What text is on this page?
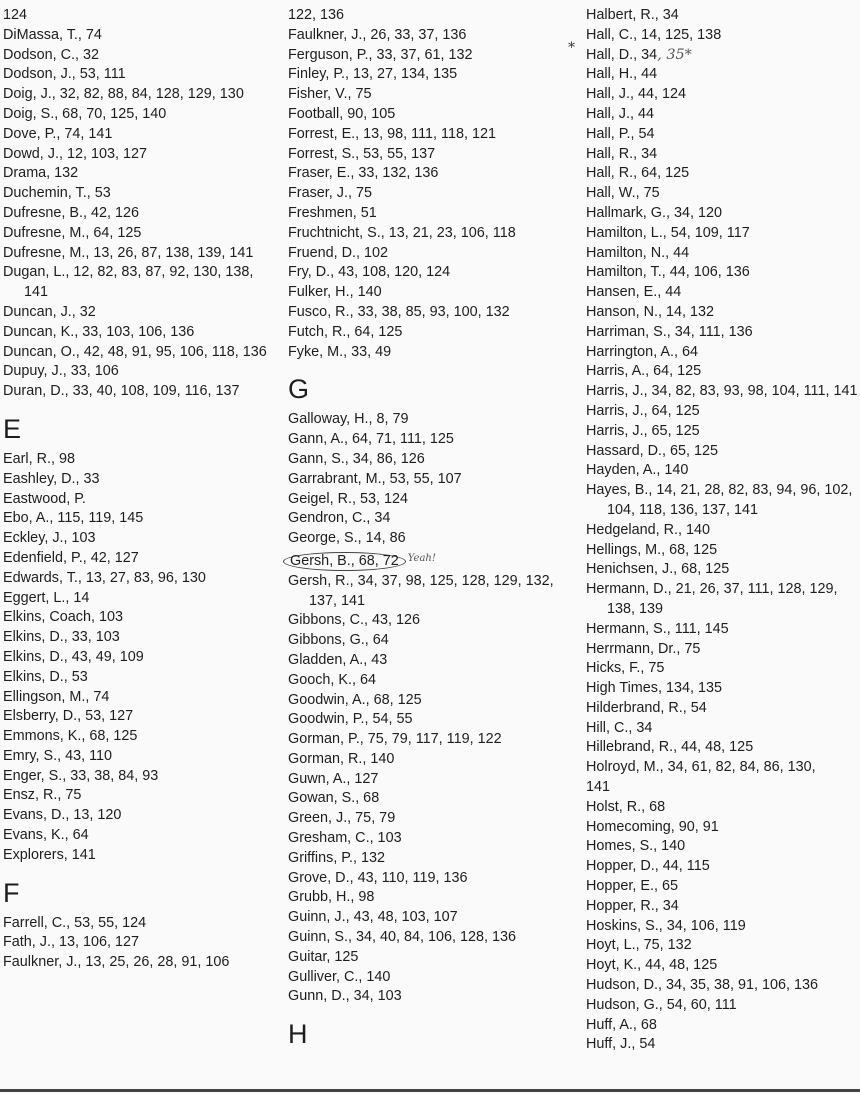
124
DiMassa, T., 74
Dodson, C., 32
Dodson, J., 53, 111
Doig, J., 32, 82, 88, 84, 128, 129, 130
Doig, S., 68, 70, 125, 140
Dove, P., 74, 141
Dowd, J., 12, 103, 127
Drama, 132
Duchemin, T., 53
Dufresne, B., 42, 126
Dufresne, M., 64, 125
Dufresne, M., 13, 26, 87, 138, 139, 141
Dugan, L., 12, 82, 83, 87, 92, 130, 138, 141
Duncan, J., 32
Duncan, K., 33, 103, 106, 136
Duncan, O., 42, 48, 91, 95, 106, 118, 136
Dupuy, J., 33, 106
Duran, D., 33, 40, 108, 109, 116, 137
E
Earl, R., 98
Eashley, D., 33
Eastwood, P.
Ebo, A., 115, 119, 145
Eckley, J., 103
Edenfield, P., 42, 127
Edwards, T., 13, 27, 83, 96, 130
Eggert, L., 14
Elkins, Coach, 103
Elkins, D., 33, 103
Elkins, D., 43, 49, 109
Elkins, D., 53
Ellingson, M., 74
Elsberry, D., 53, 127
Emmons, K., 68, 125
Emry, S., 43, 110
Enger, S., 33, 38, 84, 93
Ensz, R., 75
Evans, D., 13, 120
Evans, K., 64
Explorers, 141
F
Farrell, C., 53, 55, 124
Fath, J., 13, 106, 127
Faulkner, J., 13, 25, 26, 28, 91, 106
122, 136
Faulkner, J., 26, 33, 37, 136
Ferguson, P., 33, 37, 61, 132
Finley, P., 13, 27, 134, 135
Fisher, V., 75
Football, 90, 105
Forrest, E., 13, 98, 111, 118, 121
Forrest, S., 53, 55, 137
Fraser, E., 33, 132, 136
Fraser, J., 75
Freshmen, 51
Fruchtnicht, S., 13, 21, 23, 106, 118
Fruend, D., 102
Fry, D., 43, 108, 120, 124
Fulker, H., 140
Fusco, R., 33, 38, 85, 93, 100, 132
Futch, R., 64, 125
Fyke, M., 33, 49
G
Galloway, H., 8, 79
Gann, A., 64, 71, 111, 125
Gann, S., 34, 86, 126
Garrabrant, M., 53, 55, 107
Geigel, R., 53, 124
Gendron, C., 34
George, S., 14, 86
Gersh, B., 68, 72 $^{Yeah!}$
Gersh, R., 34, 37, 98, 125, 128, 129, 132, 137, 141
Gibbons, C., 43, 126
Gibbons, G., 64
Gladden, A., 43
Gooch, K., 64
Goodwin, A., 68, 125
Goodwin, P., 54, 55
Gorman, P., 75, 79, 117, 119, 122
Gorman, R., 140
Guwn, A., 127
Gowan, S., 68
Green, J., 75, 79
Gresham, C., 103
Griffins, P., 132
Grove, D., 43, 110, 119, 136
Grubb, H., 98
Guinn, J., 43, 48, 103, 107
Guinn, S., 34, 40, 84, 106, 128, 136
Guitar, 125
Gulliver, C., 140
Gunn, D., 34, 103
H
Halbert, R., 34
Hall, C., 14, 125, 138
Hall, D., 34, 35*
Hall, H., 44
Hall, J., 44, 124
Hall, J., 44
Hall, P., 54
Hall, R., 34
Hall, R., 64, 125
Hall, W., 75
Hallmark, G., 34, 120
Hamilton, L., 54, 109, 117
Hamilton, N., 44
Hamilton, T., 44, 106, 136
Hansen, E., 44
Hanson, N., 14, 132
Harriman, S., 34, 111, 136
Harrington, A., 64
Harris, A., 64, 125
Harris, J., 34, 82, 83, 93, 98, 104, 111, 141
Harris, J., 64, 125
Harris, J., 65, 125
Hassard, D., 65, 125
Hayden, A., 140
Hayes, B., 14, 21, 28, 82, 83, 94, 96, 102, 104, 118, 136, 137, 141
Hedgeland, R., 140
Hellings, M., 68, 125
Henichsen, J., 68, 125
Hermann, D., 21, 26, 37, 111, 128, 129, 138, 139
Hermann, S., 111, 145
Herrmann, Dr., 75
Hicks, F., 75
High Times, 134, 135
Hilderbrand, R., 54
Hill, C., 34
Hillebrand, R., 44, 48, 125
Holroyd, M., 34, 61, 82, 84, 86, 130,
141
Holst, R., 68
Homecoming, 90, 91
Homes, S., 140
Hopper, D., 44, 115
Hopper, E., 65
Hopper, R., 34
Hoskins, S., 34, 106, 119
Hoyt, L., 75, 132
Hoyt, K., 44, 48, 125
Hudson, D., 34, 35, 38, 91, 106, 136
Hudson, G., 54, 60, 111
Huff, A., 68
Huff, J., 54
*
